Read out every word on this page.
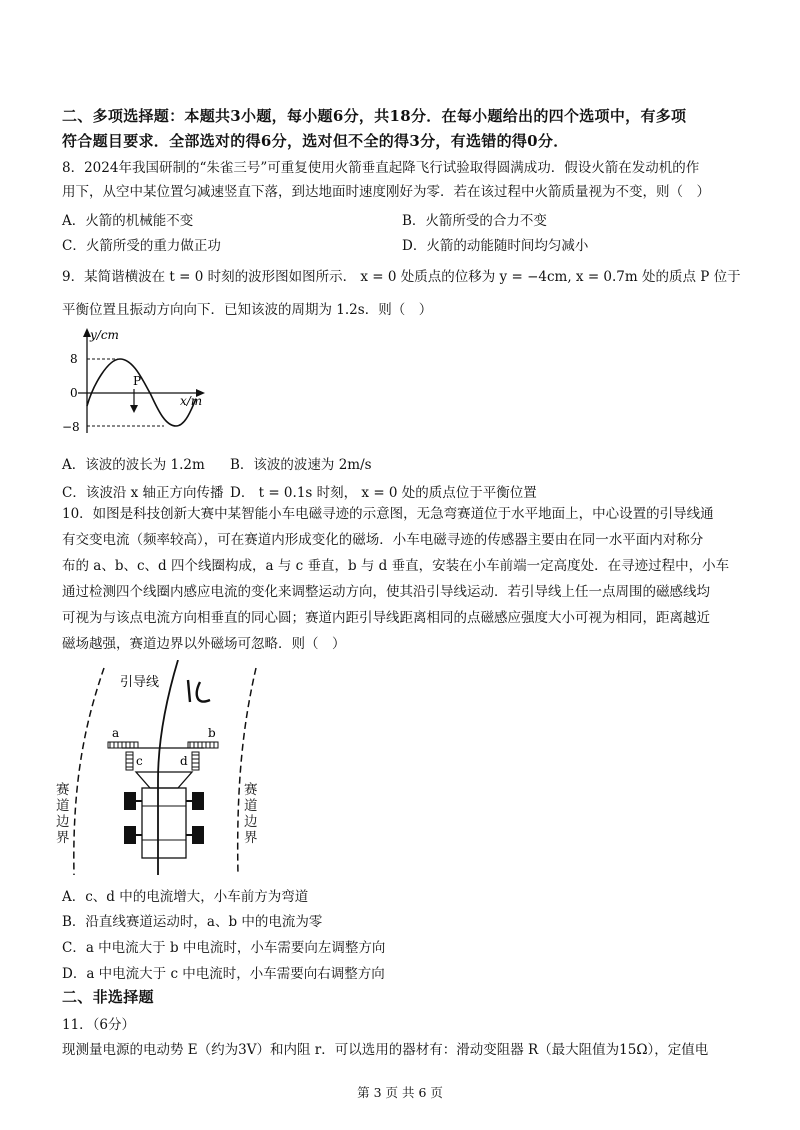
二、多项选择题：本题共3小题，每小题6分，共18分．在每小题给出的四个选项中，有多项
符合题目要求．全部选对的得6分，选对但不全的得3分，有选错的得0分．
8．2024年我国研制的“朱雀三号”可重复使用火箭垂直起降飞行试验取得圆满成功．假设火箭在发动机的作
用下，从空中某位置匀减速竖直下落，到达地面时速度刚好为零．若在该过程中火箭质量视为不变，则（　）
A．火箭的机械能不变	B．火箭所受的合力不变
C．火箭所受的重力做正功	D．火箭的动能随时间均匀减小
9．某简谐横波在 t = 0 时刻的波形图如图所示． x = 0 处质点的位移为 y = −4cm, x = 0.7m 处的质点 P 位于
平衡位置且振动方向向下．已知该波的周期为 1.2s．则（　）
y/cm
x/m
8
0
−8
P
A．该波的波长为 1.2m B．该波的波速为 2m/s
C．该波沿 x 轴正方向传播 D． t = 0.1s 时刻， x = 0 处的质点位于平衡位置
10．如图是科技创新大赛中某智能小车电磁寻迹的示意图，无急弯赛道位于水平地面上，中心设置的引导线通
有交变电流（频率较高），可在赛道内形成变化的磁场．小车电磁寻迹的传感器主要由在同一水平面内对称分
布的 a、b、c、d 四个线圈构成，a 与 c 垂直，b 与 d 垂直，安装在小车前端一定高度处．在寻迹过程中，小车
通过检测四个线圈内感应电流的变化来调整运动方向，使其沿引导线运动．若引导线上任一点周围的磁感线均
可视为与该点电流方向相垂直的同心圆；赛道内距引导线距离相同的点磁感应强度大小可视为相同，距离越近
磁场越强，赛道边界以外磁场可忽略．则（　）
引导线
a	b
c	d
赛道边界
赛道边界
A．c、d 中的电流增大，小车前方为弯道
B．沿直线赛道运动时，a、b 中的电流为零
C．a 中电流大于 b 中电流时，小车需要向左调整方向
D．a 中电流大于 c 中电流时，小车需要向右调整方向
二、非选择题
11．（6分）
现测量电源的电动势 E（约为3V）和内阻 r．可以选用的器材有：滑动变阻器 R（最大阻值为15Ω），定值电
第 3 页 共 6 页
